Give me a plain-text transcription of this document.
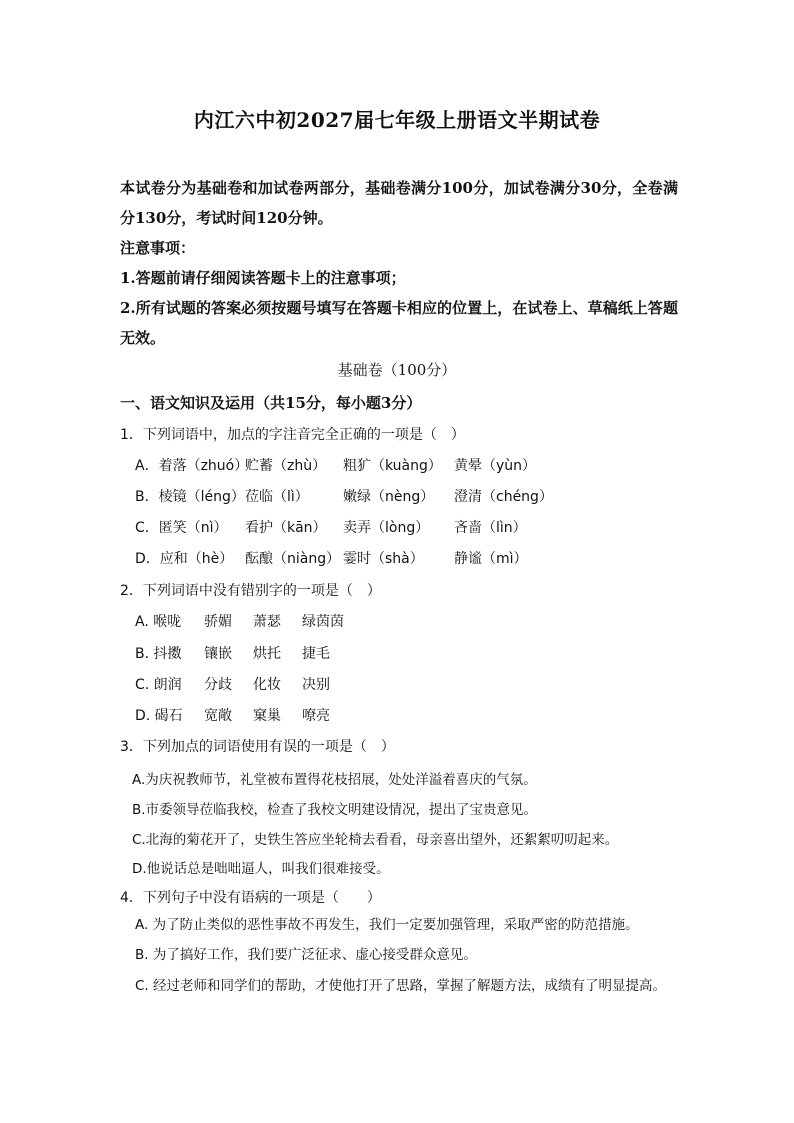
内江六中初2027届七年级上册语文半期试卷
本试卷分为基础卷和加试卷两部分，基础卷满分100分，加试卷满分30分，全卷满分130分，考试时间120分钟。
注意事项：
1.答题前请仔细阅读答题卡上的注意事项；
2.所有试题的答案必须按题号填写在答题卡相应的位置上，在试卷上、草稿纸上答题无效。
基础卷（100分）
一、语文知识及运用（共15分，每小题3分）
1．下列词语中，加点的字注音完全正确的一项是（　）
A．着落（zhuó）
贮蓄（zhù） 粗犷（kuàng） 黄晕（yùn）
B．棱镜（léng） 莅临（lì） 嫩绿（nèng） 澄清（chéng）
C．匿笑（nì） 看护（kān） 卖弄（lòng） 吝啬（lìn）
D．应和（hè） 酝酿（niàng） 霎时（shà） 静谧（mì）
2．下列词语中没有错别字的一项是（　）
A. 喉咙 骄媚 萧瑟 绿茵茵
B. 抖擞 镶嵌 烘托 捷毛
C. 朗润 分歧 化妆 决别
D. 碣石 宽敞 窠巢 嘹亮
3．下列加点的词语使用有误的一项是（　）
A.为庆祝教师节，礼堂被布置得花枝招展，处处洋溢着喜庆的气氛。
B.市委领导莅临我校，检查了我校文明建设情况，提出了宝贵意见。
C.北海的菊花开了，史铁生答应坐轮椅去看看，母亲喜出望外，还絮絮叨叨起来。
D.他说话总是咄咄逼人，叫我们很难接受。
4．下列句子中没有语病的一项是（　　）
A. 为了防止类似的恶性事故不再发生，我们一定要加强管理，采取严密的防范措施。
B. 为了搞好工作，我们要广泛征求、虚心接受群众意见。
C. 经过老师和同学们的帮助，才使他打开了思路，掌握了解题方法，成绩有了明显提高。
